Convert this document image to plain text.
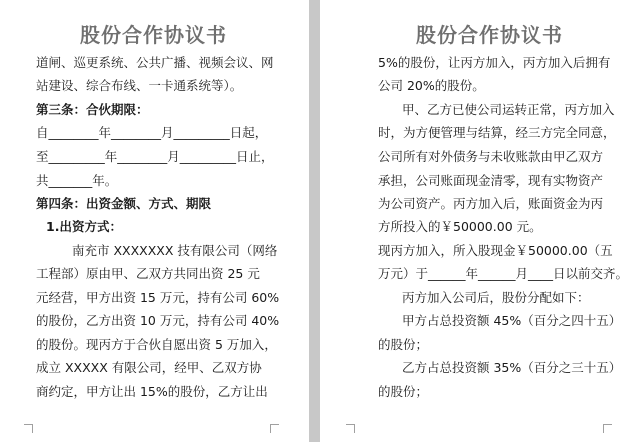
股份合作协议书

道闸、巡更系统、公共广播、视频会议、网

站建设、综合布线、一卡通系统等）。

第三条：合伙期限：

自________年________月_________日起，

至_________年________月_________日止，

共_______年。

第四条：出资金额、方式、期限

1.出资方式：

南充市 XXXXXXX 技有限公司（网络

工程部）原由甲、乙双方共同出资 25 元

元经营，甲方出资 15 万元，持有公司 60%

的股份，乙方出资 10 万元，持有公司 40%

的股份。现丙方于合伙自愿出资 5 万加入，

成立 XXXXX 有限公司，经甲、乙双方协

商约定，甲方让出 15%的股份，乙方让出

股份合作协议书

5%的股份，让丙方加入，丙方加入后拥有

公司 20%的股份。

甲、乙方已使公司运转正常，丙方加入

时，为方便管理与结算，经三方完全同意，

公司所有对外债务与未收账款由甲乙双方

承担，公司账面现金清零，现有实物资产

为公司资产。丙方加入后，账面资金为丙

方所投入的￥50000.00 元。

现丙方加入，所入股现金￥50000.00（五

万元）于______年______月____日以前交齐。

丙方加入公司后，股份分配如下：

甲方占总投资额 45%（百分之四十五）

的股份；

乙方占总投资额 35%（百分之三十五）

的股份；
